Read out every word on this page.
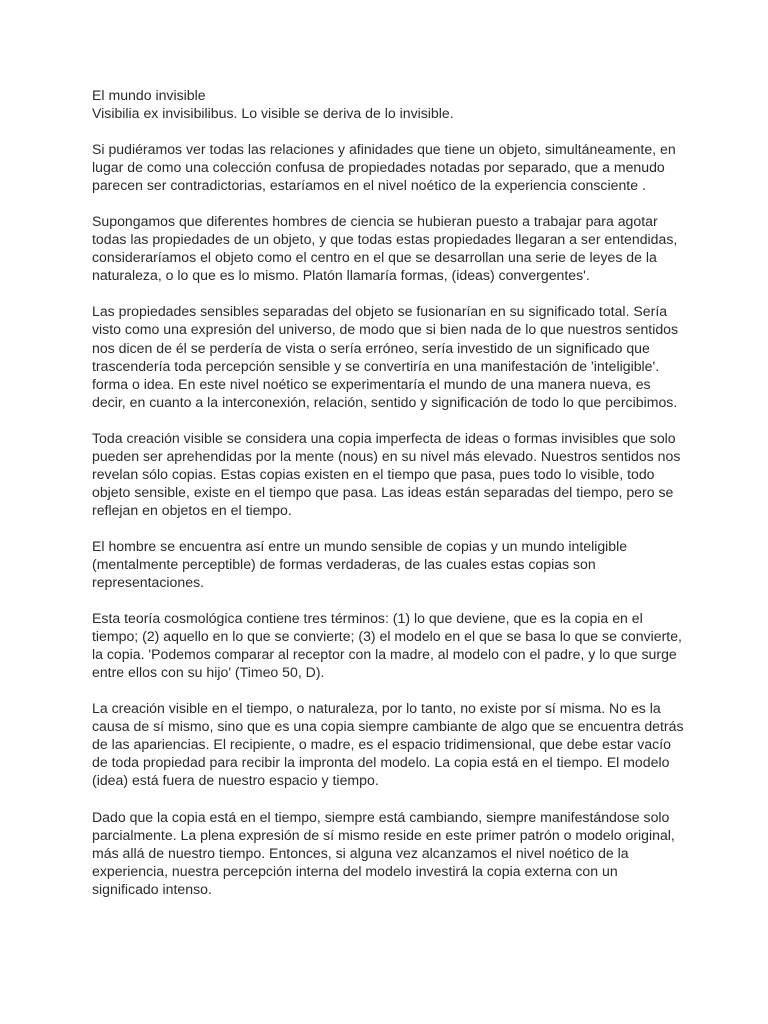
El mundo invisible
Visibilia ex invisibilibus. Lo visible se deriva de lo invisible.

Si pudiéramos ver todas las relaciones y afinidades que tiene un objeto, simultáneamente, en lugar de como una colección confusa de propiedades notadas por separado, que a menudo parecen ser contradictorias, estaríamos en el nivel noético de la experiencia consciente .

Supongamos que diferentes hombres de ciencia se hubieran puesto a trabajar para agotar todas las propiedades de un objeto, y que todas estas propiedades llegaran a ser entendidas, consideraríamos el objeto como el centro en el que se desarrollan una serie de leyes de la naturaleza, o lo que es lo mismo. Platón llamaría formas, (ideas) convergentes'.

Las propiedades sensibles separadas del objeto se fusionarían en su significado total. Sería visto como una expresión del universo, de modo que si bien nada de lo que nuestros sentidos nos dicen de él se perdería de vista o sería erróneo, sería investido de un significado que trascendería toda percepción sensible y se convertiría en una manifestación de 'inteligible'. forma o idea. En este nivel noético se experimentaría el mundo de una manera nueva, es decir, en cuanto a la interconexión, relación, sentido y significación de todo lo que percibimos.

Toda creación visible se considera una copia imperfecta de ideas o formas invisibles que solo pueden ser aprehendidas por la mente (nous) en su nivel más elevado. Nuestros sentidos nos revelan sólo copias. Estas copias existen en el tiempo que pasa, pues todo lo visible, todo objeto sensible, existe en el tiempo que pasa. Las ideas están separadas del tiempo, pero se reflejan en objetos en el tiempo.

El hombre se encuentra así entre un mundo sensible de copias y un mundo inteligible (mentalmente perceptible) de formas verdaderas, de las cuales estas copias son representaciones.

Esta teoría cosmológica contiene tres términos: (1) lo que deviene, que es la copia en el tiempo; (2) aquello en lo que se convierte; (3) el modelo en el que se basa lo que se convierte, la copia. 'Podemos comparar al receptor con la madre, al modelo con el padre, y lo que surge entre ellos con su hijo' (Timeo 50, D).

La creación visible en el tiempo, o naturaleza, por lo tanto, no existe por sí misma. No es la causa de sí mismo, sino que es una copia siempre cambiante de algo que se encuentra detrás de las apariencias. El recipiente, o madre, es el espacio tridimensional, que debe estar vacío de toda propiedad para recibir la impronta del modelo. La copia está en el tiempo. El modelo (idea) está fuera de nuestro espacio y tiempo.

Dado que la copia está en el tiempo, siempre está cambiando, siempre manifestándose solo parcialmente. La plena expresión de sí mismo reside en este primer patrón o modelo original, más allá de nuestro tiempo. Entonces, si alguna vez alcanzamos el nivel noético de la experiencia, nuestra percepción interna del modelo investirá la copia externa con un significado intenso.
